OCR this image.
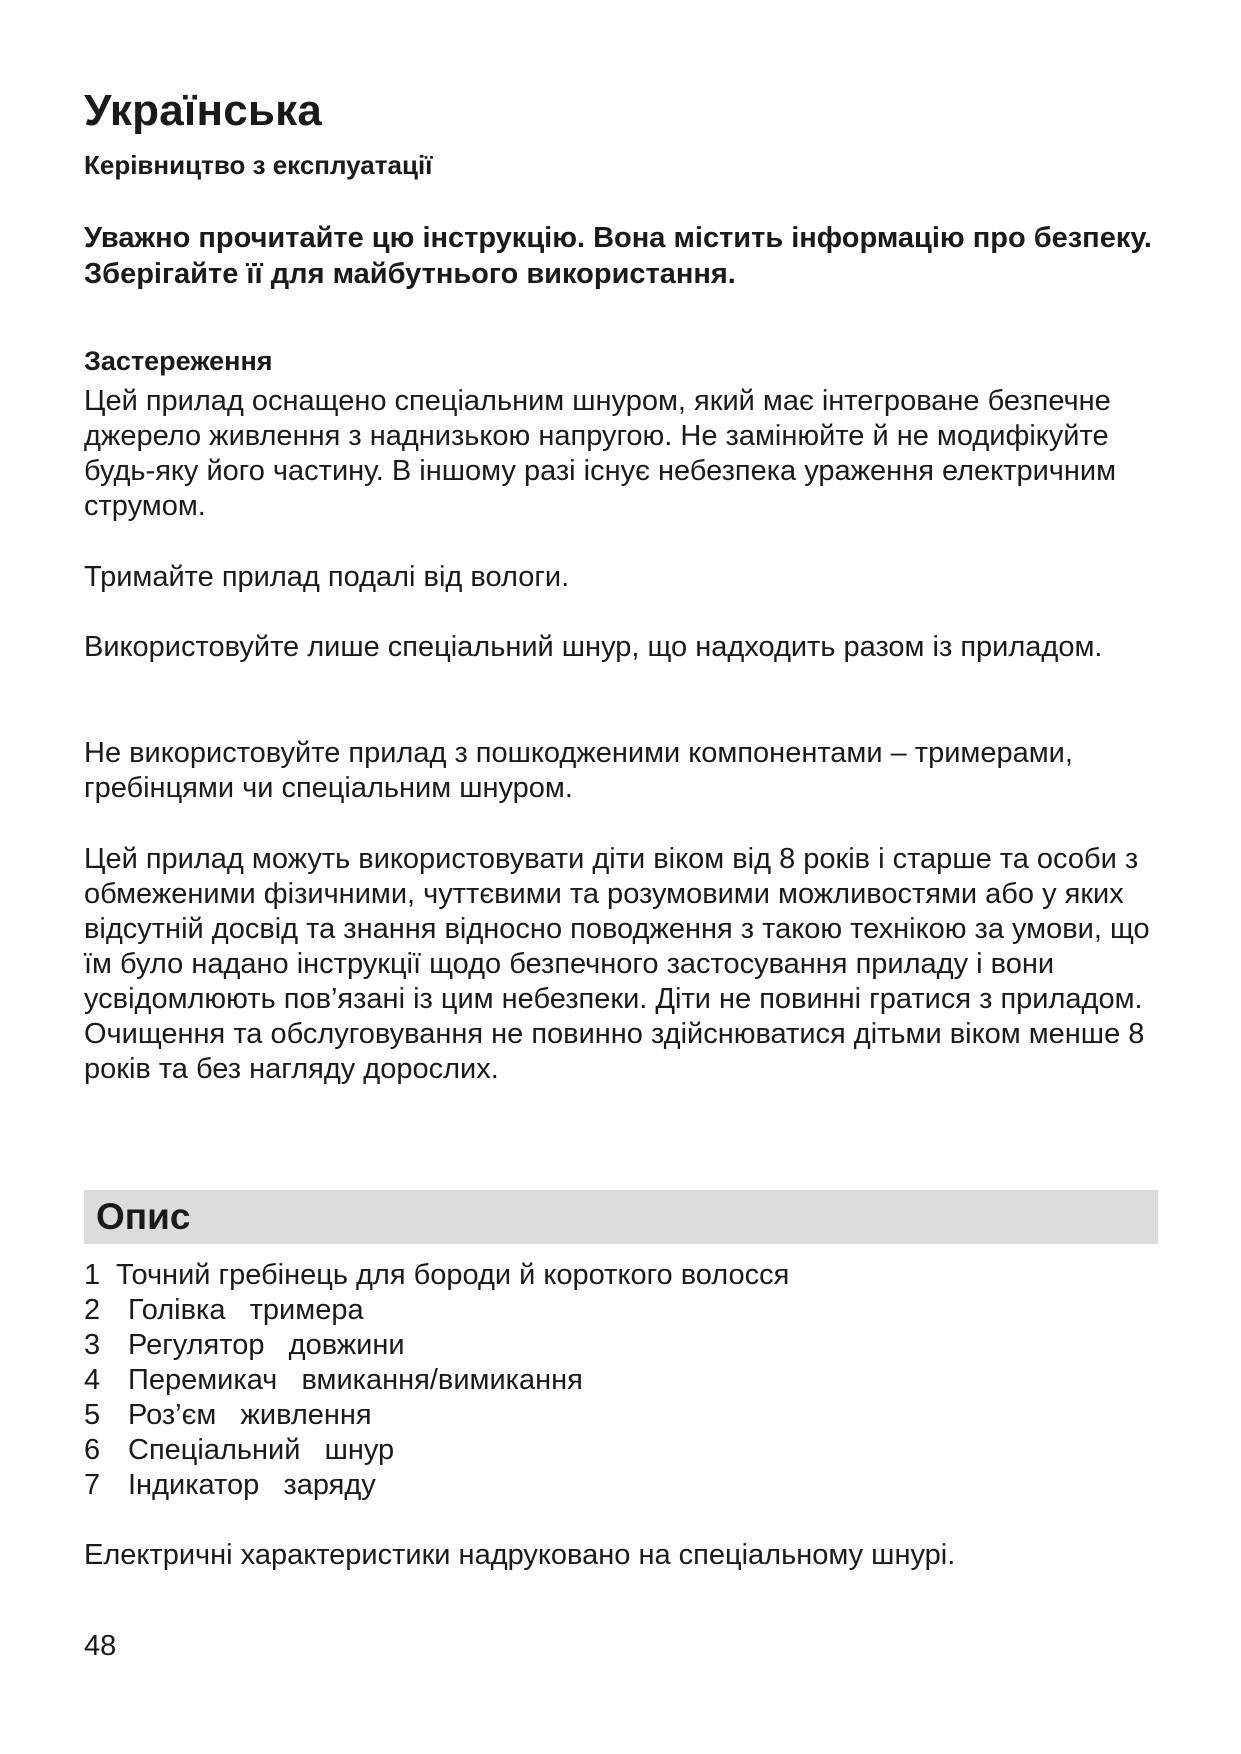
Українська
Керівництво з експлуатації

Уважно прочитайте цю інструкцію. Вона містить інформацію про безпеку. Зберігайте її для майбутнього використання.

Застереження

Цей прилад оснащено спеціальним шнуром, який має інтегроване безпечне джерело живлення з наднизькою напругою. Не замінюйте й не модифікуйте будь-яку його частину. В іншому разі існує небезпека ураження електричним струмом.

Тримайте прилад подалі від вологи.

Використовуйте лише спеціальний шнур, що надходить разом із приладом.

Не використовуйте прилад з пошкодженими компонентами – тримерами, гребінцями чи спеціальним шнуром.

Цей прилад можуть використовувати діти віком від 8 років і старше та особи з обмеженими фізичними, чуттєвими та розумовими можливостями або у яких відсутній досвід та знання відносно поводження з такою технікою за умови, що їм було надано інструкції щодо безпечного застосування приладу і вони усвідомлюють пов’язані із цим небезпеки. Діти не повинні гратися з приладом. Очищення та обслуговування не повинно здійснюватися дітьми віком менше 8 років та без нагляду дорослих.

Опис
1 Точний гребінець для бороди й короткого волосся
2 Голівка   тримера
3 Регулятор   довжини
4 Перемикач   вмикання/вимикання
5 Роз’єм   живлення
6 Спеціальний   шнур
7 Індикатор   заряду

Електричні характеристики надруковано на спеціальному шнурі.

48
